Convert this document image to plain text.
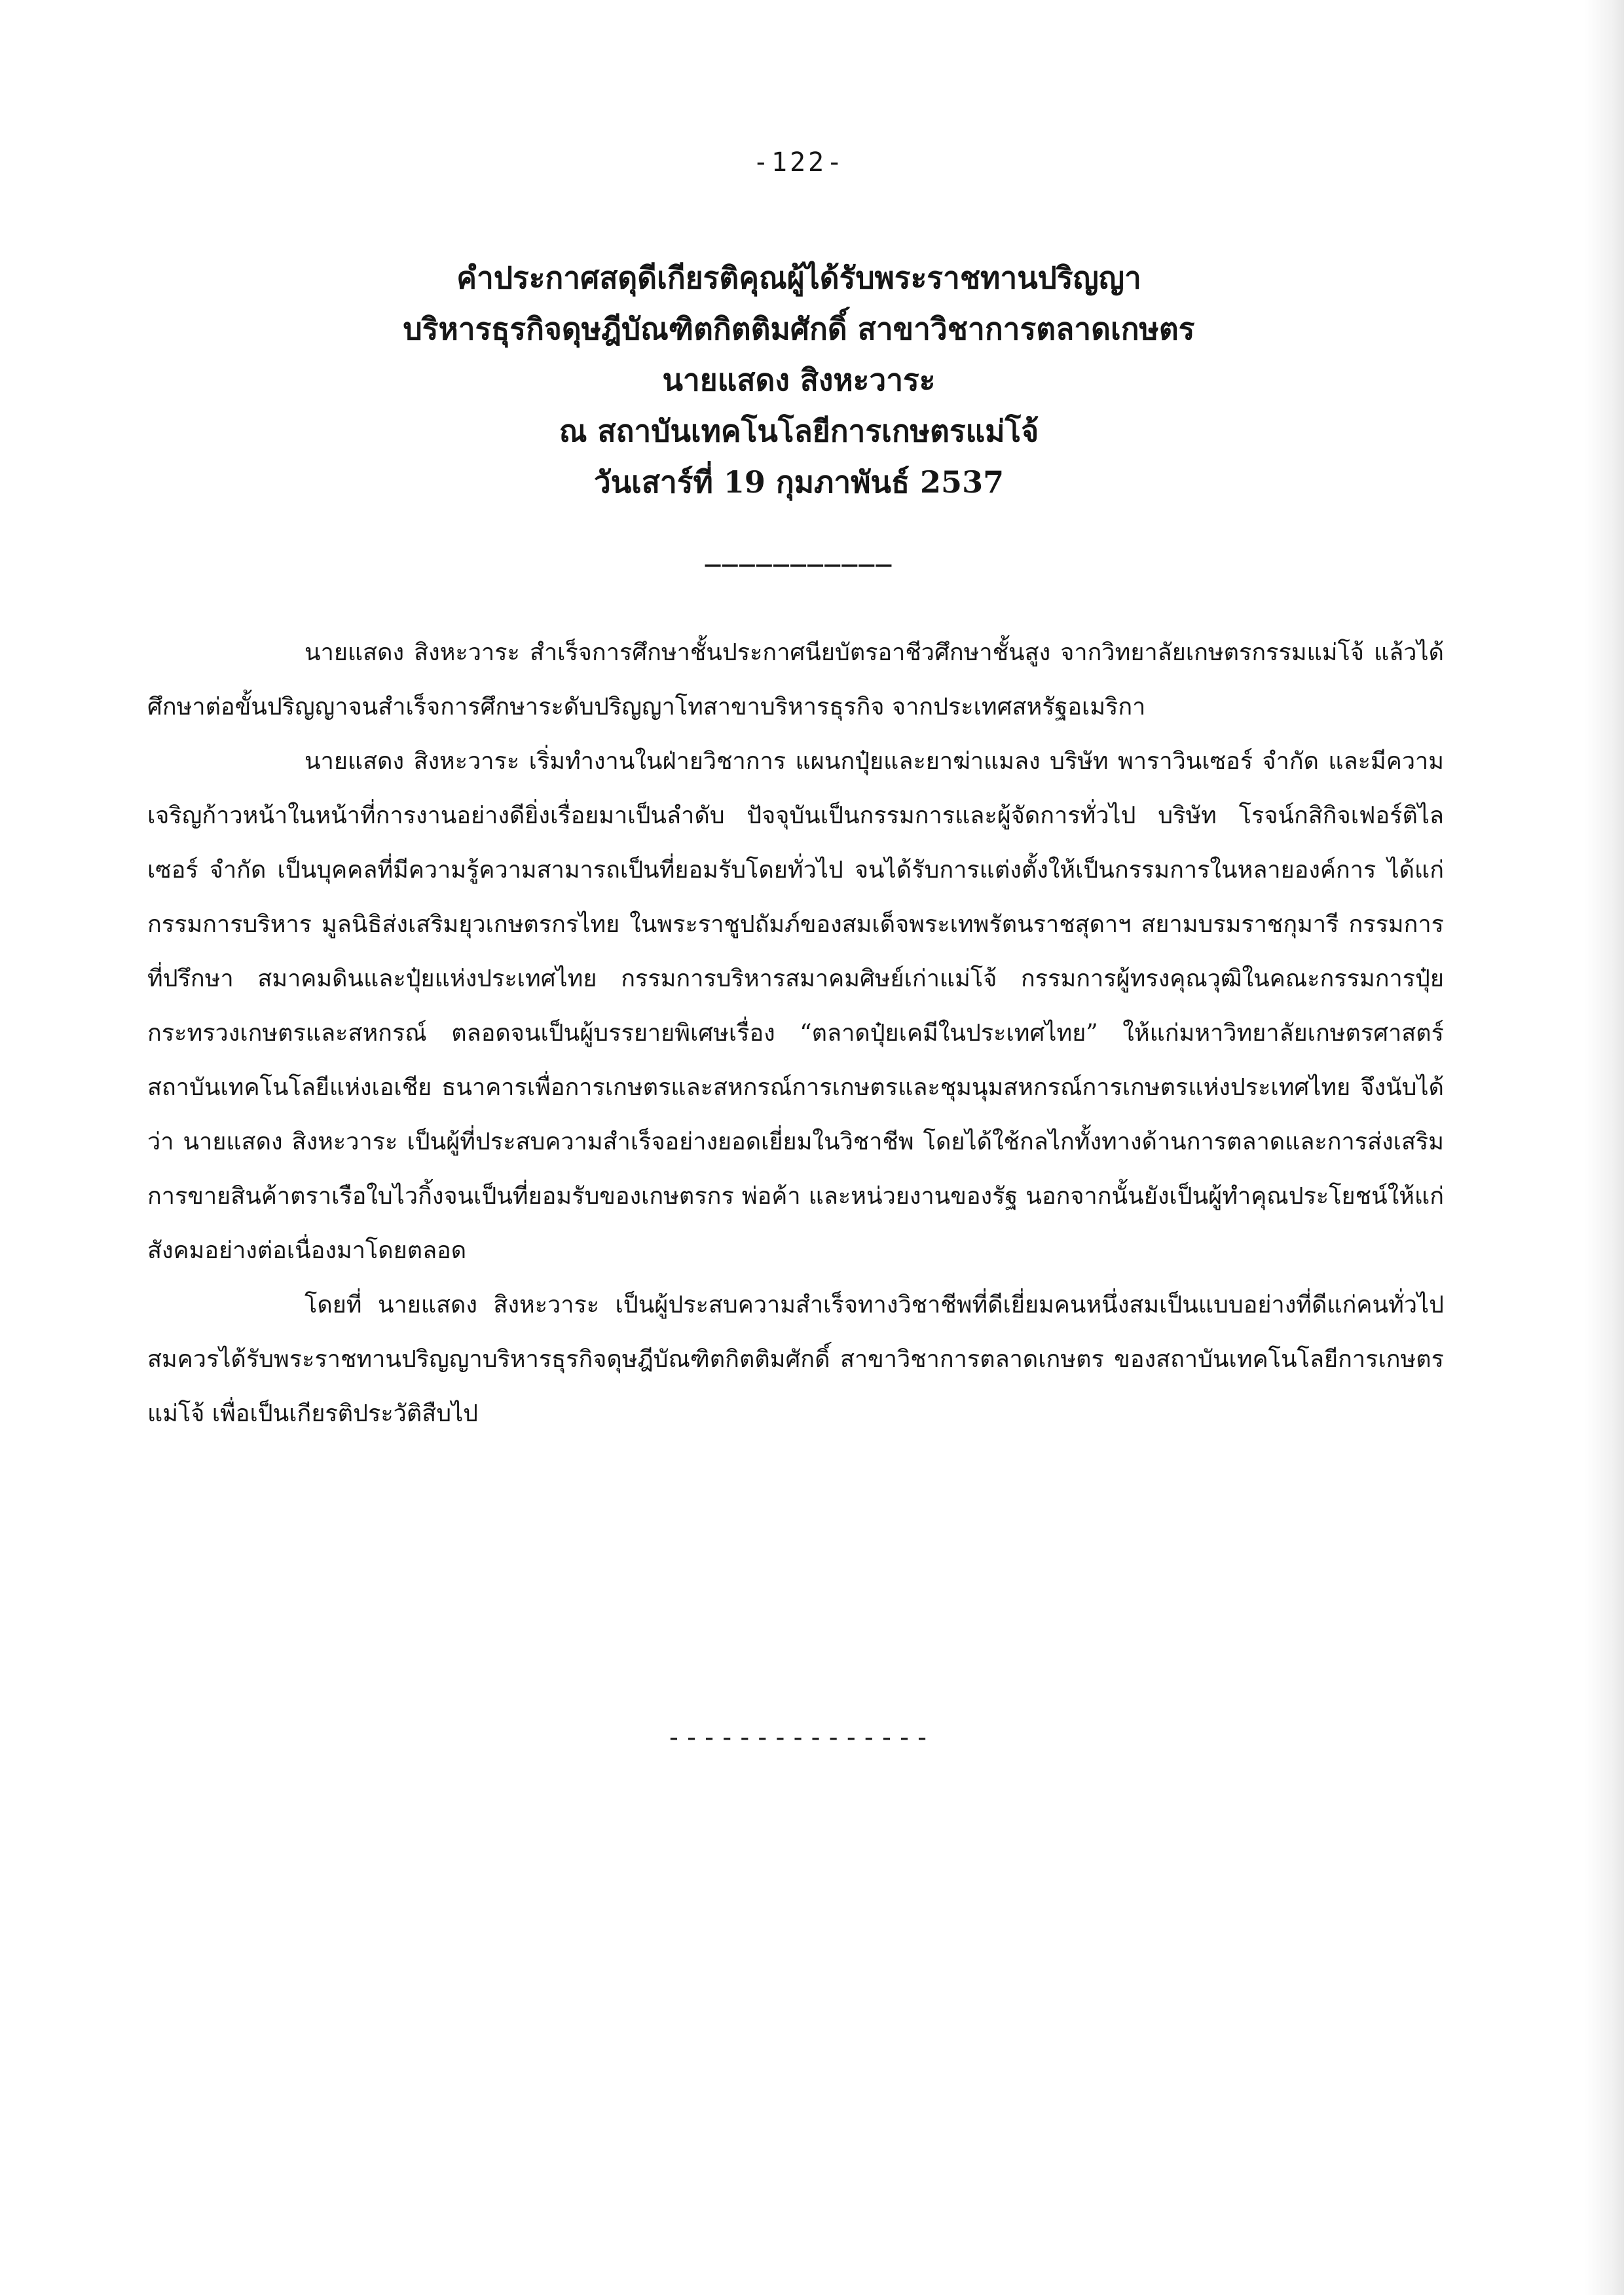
-122-
คำประกาศสดุดีเกียรติคุณผู้ได้รับพระราชทานปริญญา
บริหารธุรกิจดุษฎีบัณฑิตกิตติมศักดิ์ สาขาวิชาการตลาดเกษตร
นายแสดง สิงหะวาระ
ณ สถาบันเทคโนโลยีการเกษตรแม่โจ้
วันเสาร์ที่ 19 กุมภาพันธ์ 2537
___________

นายแสดง สิงหะวาระ สำเร็จการศึกษาชั้นประกาศนียบัตรอาชีวศึกษาชั้นสูง จากวิทยาลัยเกษตรกรรมแม่โจ้ แล้วได้ศึกษาต่อขั้นปริญญาจนสำเร็จการศึกษาระดับปริญญาโทสาขาบริหารธุรกิจ จากประเทศสหรัฐอเมริกา

นายแสดง สิงหะวาระ เริ่มทำงานในฝ่ายวิชาการ แผนกปุ๋ยและยาฆ่าแมลง บริษัท พาราวินเซอร์ จำกัด และมีความเจริญก้าวหน้าในหน้าที่การงานอย่างดียิ่งเรื่อยมาเป็นลำดับ ปัจจุบันเป็นกรรมการและผู้จัดการทั่วไป บริษัท โรจน์กสิกิจเฟอร์ติไลเซอร์ จำกัด เป็นบุคคลที่มีความรู้ความสามารถเป็นที่ยอมรับโดยทั่วไป จนได้รับการแต่งตั้งให้เป็นกรรมการในหลายองค์การ ได้แก่ กรรมการบริหาร มูลนิธิส่งเสริมยุวเกษตรกรไทย ในพระราชูปถัมภ์ของสมเด็จพระเทพรัตนราชสุดาฯ สยามบรมราชกุมารี กรรมการที่ปรึกษา สมาคมดินและปุ๋ยแห่งประเทศไทย กรรมการบริหารสมาคมศิษย์เก่าแม่โจ้ กรรมการผู้ทรงคุณวุฒิในคณะกรรมการปุ๋ย กระทรวงเกษตรและสหกรณ์ ตลอดจนเป็นผู้บรรยายพิเศษเรื่อง “ตลาดปุ๋ยเคมีในประเทศไทย” ให้แก่มหาวิทยาลัยเกษตรศาสตร์ สถาบันเทคโนโลยีแห่งเอเชีย ธนาคารเพื่อการเกษตรและสหกรณ์การเกษตรและชุมนุมสหกรณ์การเกษตรแห่งประเทศไทย จึงนับได้ว่า นายแสดง สิงหะวาระ เป็นผู้ที่ประสบความสำเร็จอย่างยอดเยี่ยมในวิชาชีพ โดยได้ใช้กลไกทั้งทางด้านการตลาดและการส่งเสริมการขายสินค้าตราเรือใบไวกิ้งจนเป็นที่ยอมรับของเกษตรกร พ่อค้า และหน่วยงานของรัฐ นอกจากนั้นยังเป็นผู้ทำคุณประโยชน์ให้แก่สังคมอย่างต่อเนื่องมาโดยตลอด

โดยที่ นายแสดง สิงหะวาระ เป็นผู้ประสบความสำเร็จทางวิชาชีพที่ดีเยี่ยมคนหนึ่งสมเป็นแบบอย่างที่ดีแก่คนทั่วไป สมควรได้รับพระราชทานปริญญาบริหารธุรกิจดุษฎีบัณฑิตกิตติมศักดิ์ สาขาวิชาการตลาดเกษตร ของสถาบันเทคโนโลยีการเกษตรแม่โจ้ เพื่อเป็นเกียรติประวัติสืบไป

---------------
